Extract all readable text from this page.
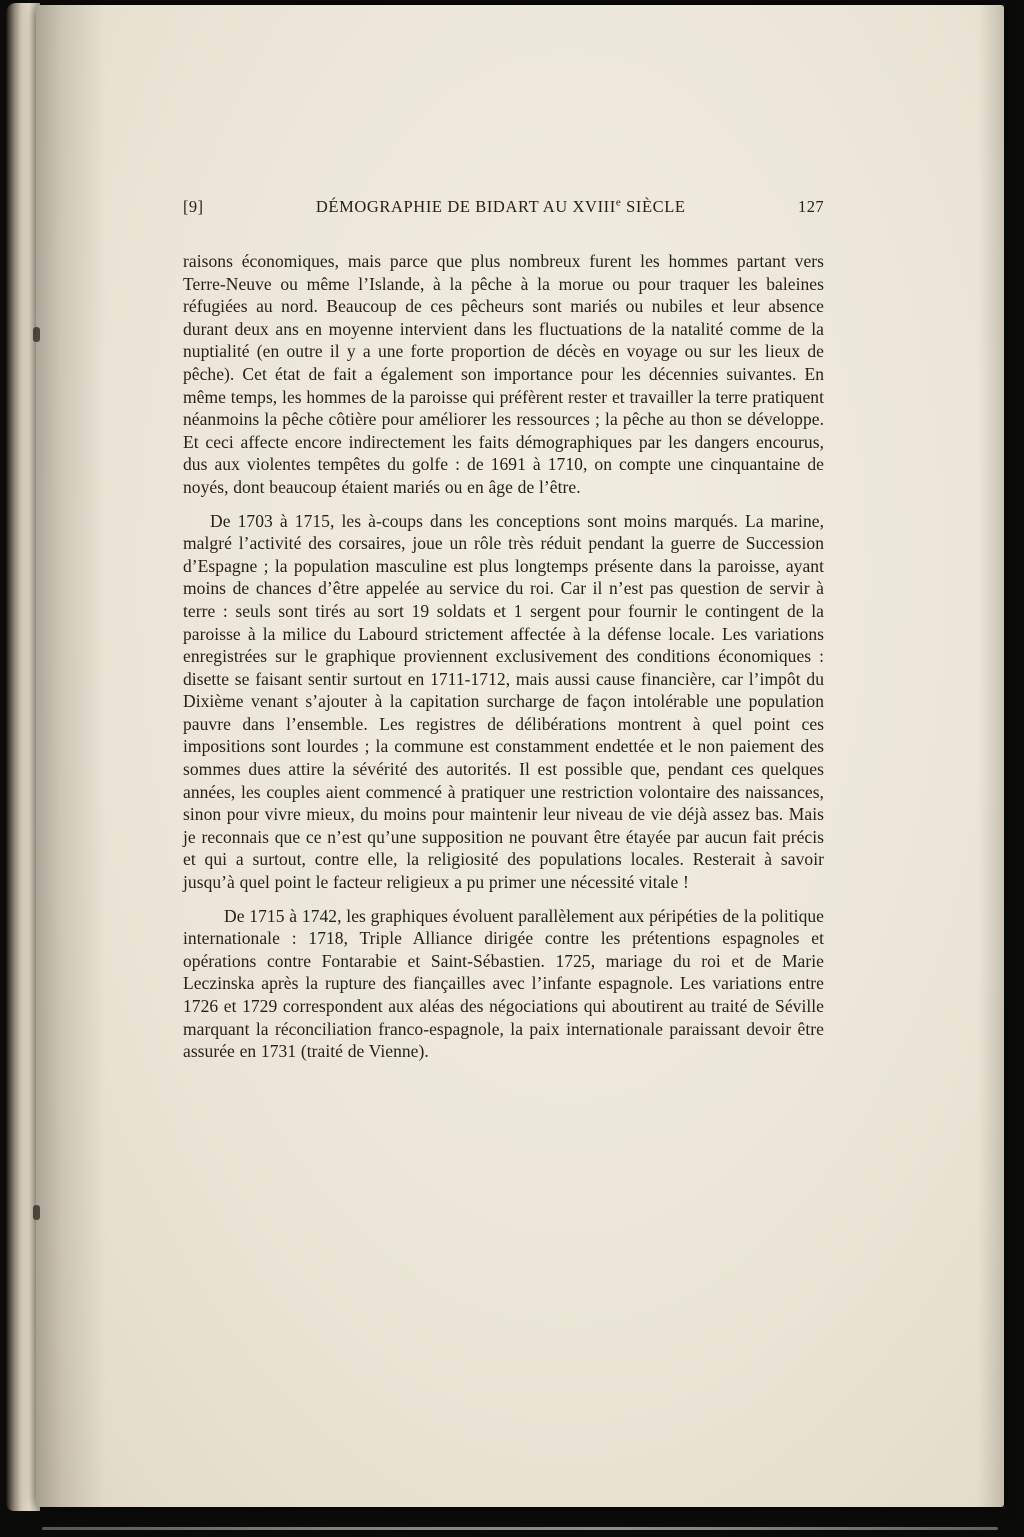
[9]	DÉMOGRAPHIE DE BIDART AU XVIIIe SIÈCLE	127

raisons économiques, mais parce que plus nombreux furent les hommes partant vers Terre-Neuve ou même l’Islande, à la pêche à la morue ou pour traquer les baleines réfugiées au nord. Beaucoup de ces pêcheurs sont mariés ou nubiles et leur absence durant deux ans en moyenne intervient dans les fluctuations de la natalité comme de la nuptialité (en outre il y a une forte proportion de décès en voyage ou sur les lieux de pêche). Cet état de fait a également son importance pour les décennies suivantes. En même temps, les hommes de la paroisse qui préfèrent rester et travailler la terre pratiquent néanmoins la pêche côtière pour améliorer les ressources ; la pêche au thon se développe. Et ceci affecte encore indirectement les faits démographiques par les dangers encourus, dus aux violentes tempêtes du golfe : de 1691 à 1710, on compte une cinquantaine de noyés, dont beaucoup étaient mariés ou en âge de l’être.

De 1703 à 1715, les à-coups dans les conceptions sont moins marqués. La marine, malgré l’activité des corsaires, joue un rôle très réduit pendant la guerre de Succession d’Espagne ; la population masculine est plus longtemps présente dans la paroisse, ayant moins de chances d’être appelée au service du roi. Car il n’est pas question de servir à terre : seuls sont tirés au sort 19 soldats et 1 sergent pour fournir le contingent de la paroisse à la milice du Labourd strictement affectée à la défense locale. Les variations enregistrées sur le graphique proviennent exclusivement des conditions économiques : disette se faisant sentir surtout en 1711-1712, mais aussi cause financière, car l’impôt du Dixième venant s’ajouter à la capitation surcharge de façon intolérable une population pauvre dans l’ensemble. Les registres de délibérations montrent à quel point ces impositions sont lourdes ; la commune est constamment endettée et le non paiement des sommes dues attire la sévérité des autorités. Il est possible que, pendant ces quelques années, les couples aient commencé à pratiquer une restriction volontaire des naissances, sinon pour vivre mieux, du moins pour maintenir leur niveau de vie déjà assez bas. Mais je reconnais que ce n’est qu’une supposition ne pouvant être étayée par aucun fait précis et qui a surtout, contre elle, la religiosité des populations locales. Resterait à savoir jusqu’à quel point le facteur religieux a pu primer une nécessité vitale !

De 1715 à 1742, les graphiques évoluent parallèlement aux péripéties de la politique internationale : 1718, Triple Alliance dirigée contre les prétentions espagnoles et opérations contre Fontarabie et Saint-Sébastien. 1725, mariage du roi et de Marie Leczinska après la rupture des fiançailles avec l’infante espagnole. Les variations entre 1726 et 1729 correspondent aux aléas des négociations qui aboutirent au traité de Séville marquant la réconciliation franco-espagnole, la paix internationale paraissant devoir être assurée en 1731 (traité de Vienne).
